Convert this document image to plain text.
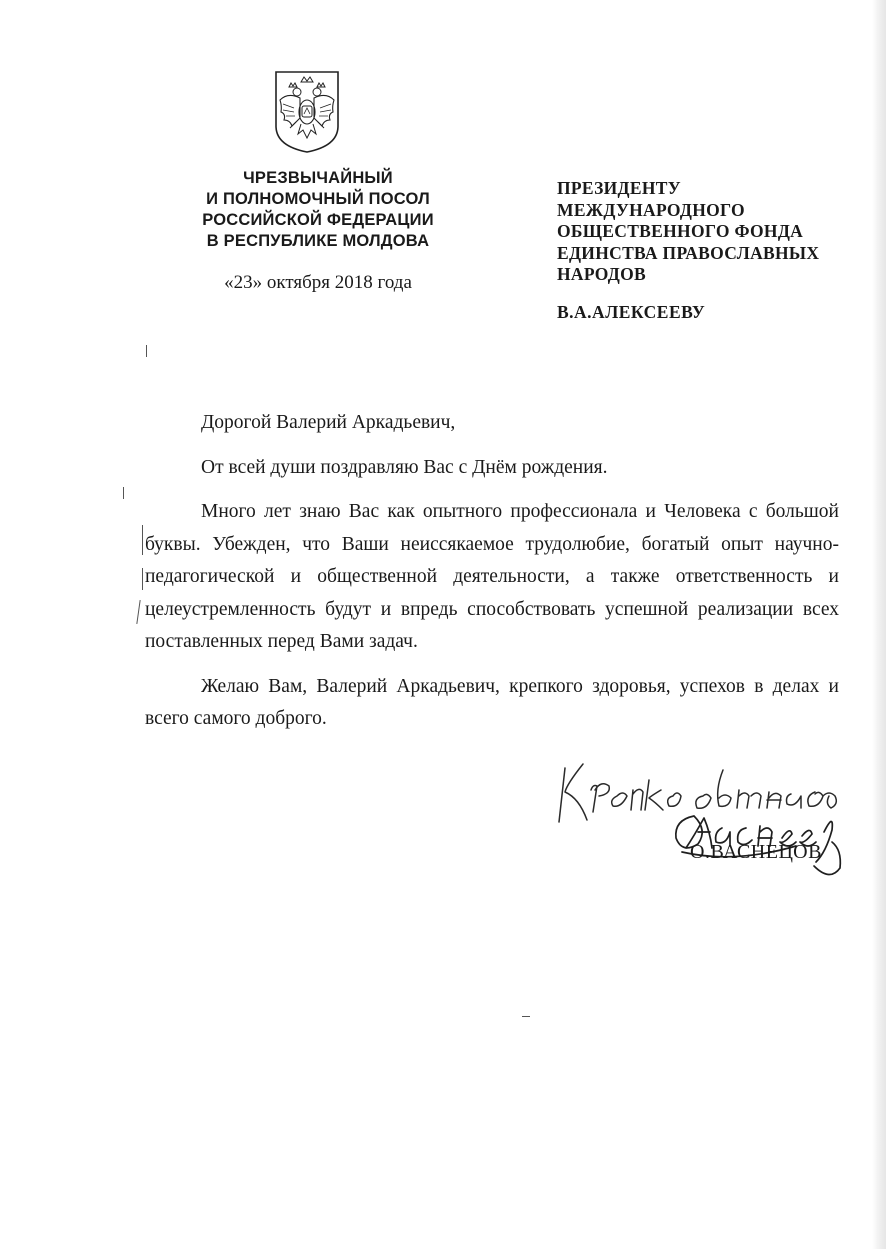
ЧРЕЗВЫЧАЙНЫЙ
И ПОЛНОМОЧНЫЙ ПОСОЛ
РОССИЙСКОЙ ФЕДЕРАЦИИ
В РЕСПУБЛИКЕ МОЛДОВА
«23» октября 2018 года
ПРЕЗИДЕНТУ
МЕЖДУНАРОДНОГО
ОБЩЕСТВЕННОГО ФОНДА
ЕДИНСТВА ПРАВОСЛАВНЫХ
НАРОДОВ
В.А.АЛЕКСЕЕВУ

Дорогой Валерий Аркадьевич,

От всей души поздравляю Вас с Днём рождения.

Много лет знаю Вас как опытного профессионала и Человека с большой буквы. Убежден, что Ваши неиссякаемое трудолюбие, богатый опыт научно-педагогической и общественной деятельности, а также ответственность и целеустремленность будут и впредь способствовать успешной реализации всех поставленных перед Вами задач.

Желаю Вам, Валерий Аркадьевич, крепкого здоровья, успехов в делах и всего самого доброго.

О.ВАСНЕЦОВ
